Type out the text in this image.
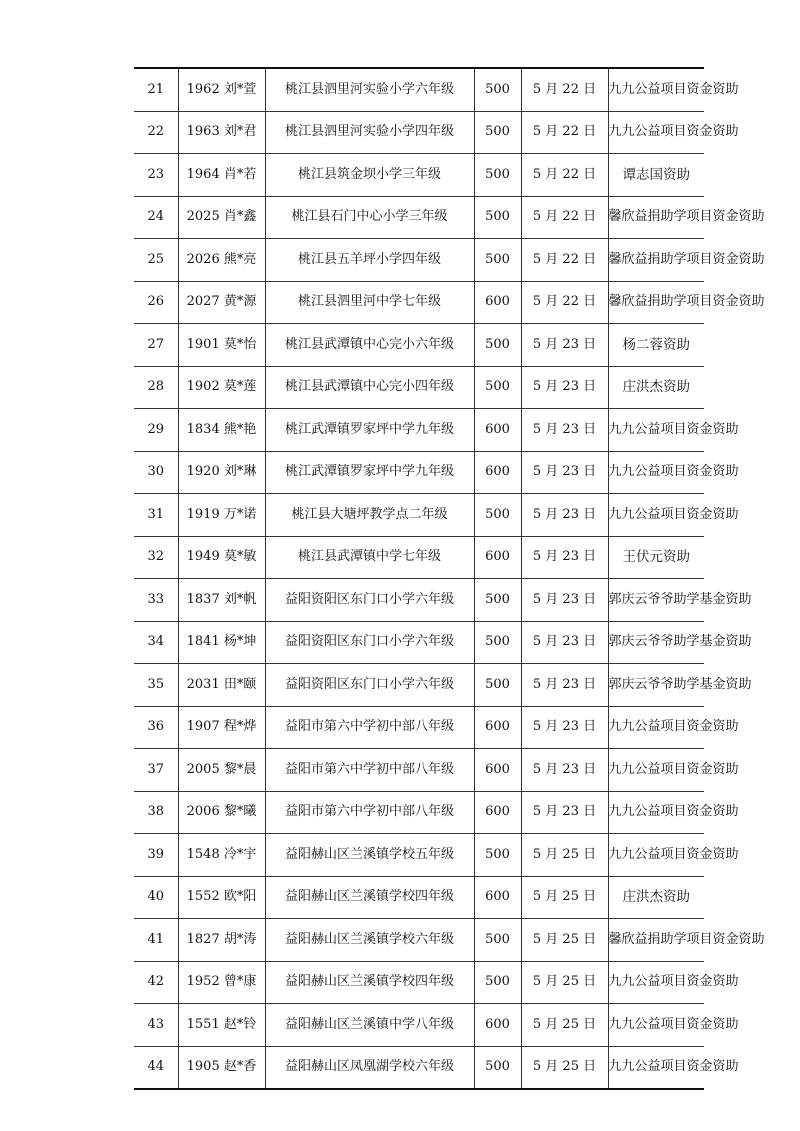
21	1962 刘*萱	桃江县泗里河实验小学六年级	500	5 月 22 日	九九公益项目资金资助
22	1963 刘*君	桃江县泗里河实验小学四年级	500	5 月 22 日	九九公益项目资金资助
23	1964 肖*若	桃江县筑金坝小学三年级	500	5 月 22 日	谭志国资助
24	2025 肖*鑫	桃江县石门中心小学三年级	500	5 月 22 日	馨欣益捐助学项目资金资助
25	2026 熊*亮	桃江县五羊坪小学四年级	500	5 月 22 日	馨欣益捐助学项目资金资助
26	2027 黄*源	桃江县泗里河中学七年级	600	5 月 22 日	馨欣益捐助学项目资金资助
27	1901 莫*怡	桃江县武潭镇中心完小六年级	500	5 月 23 日	杨二蓉资助
28	1902 莫*莲	桃江县武潭镇中心完小四年级	500	5 月 23 日	庄洪杰资助
29	1834 熊*艳	桃江武潭镇罗家坪中学九年级	600	5 月 23 日	九九公益项目资金资助
30	1920 刘*琳	桃江武潭镇罗家坪中学九年级	600	5 月 23 日	九九公益项目资金资助
31	1919 万*诺	桃江县大塘坪教学点二年级	500	5 月 23 日	九九公益项目资金资助
32	1949 莫*敏	桃江县武潭镇中学七年级	600	5 月 23 日	王伏元资助
33	1837 刘*帆	益阳资阳区东门口小学六年级	500	5 月 23 日	郭庆云爷爷助学基金资助
34	1841 杨*坤	益阳资阳区东门口小学六年级	500	5 月 23 日	郭庆云爷爷助学基金资助
35	2031 田*颐	益阳资阳区东门口小学六年级	500	5 月 23 日	郭庆云爷爷助学基金资助
36	1907 程*烨	益阳市第六中学初中部八年级	600	5 月 23 日	九九公益项目资金资助
37	2005 黎*晨	益阳市第六中学初中部八年级	600	5 月 23 日	九九公益项目资金资助
38	2006 黎*曦	益阳市第六中学初中部八年级	600	5 月 23 日	九九公益项目资金资助
39	1548 冷*宇	益阳赫山区兰溪镇学校五年级	500	5 月 25 日	九九公益项目资金资助
40	1552 欧*阳	益阳赫山区兰溪镇学校四年级	600	5 月 25 日	庄洪杰资助
41	1827 胡*涛	益阳赫山区兰溪镇学校六年级	500	5 月 25 日	馨欣益捐助学项目资金资助
42	1952 曾*康	益阳赫山区兰溪镇学校四年级	500	5 月 25 日	九九公益项目资金资助
43	1551 赵*铃	益阳赫山区兰溪镇中学八年级	600	5 月 25 日	九九公益项目资金资助
44	1905 赵*香	益阳赫山区凤凰湖学校六年级	500	5 月 25 日	九九公益项目资金资助
